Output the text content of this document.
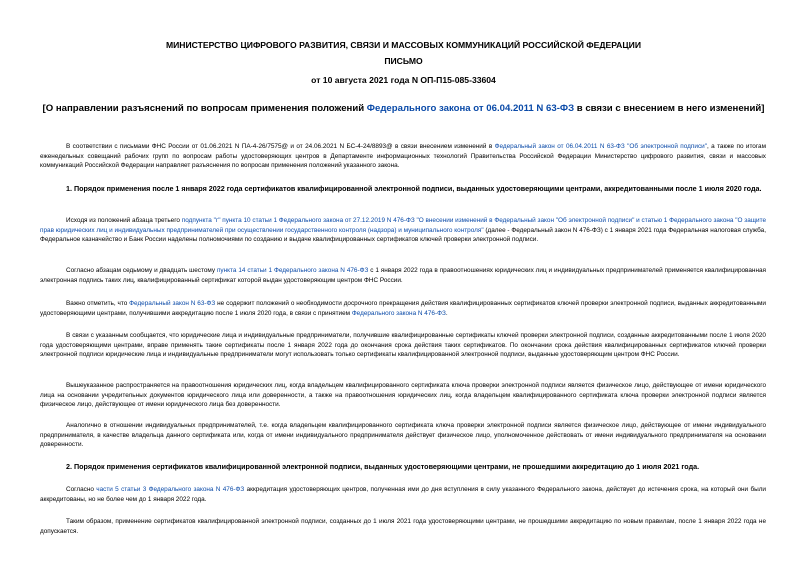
МИНИСТЕРСТВО ЦИФРОВОГО РАЗВИТИЯ, СВЯЗИ И МАССОВЫХ КОММУНИКАЦИЙ РОССИЙСКОЙ ФЕДЕРАЦИИ
ПИСЬМО
от 10 августа 2021 года N ОП-П15-085-33604
[О направлении разъяснений по вопросам применения положений Федерального закона от 06.04.2011 N 63-ФЗ в связи с внесением в него изменений]

В соответствии с письмами ФНС России от 01.06.2021 N ПА-4-26/7575@ и от 24.06.2021 N БС-4-24/8893@ в связи внесением изменений в Федеральный закон от 06.04.2011 N 63-ФЗ "Об электронной подписи", а также по итогам еженедельных совещаний рабочих групп по вопросам работы удостоверяющих центров в Департаменте информационных технологий Правительства Российской Федерации Министерство цифрового развития, связи и массовых коммуникаций Российской Федерации направляет разъяснения по вопросам применения положений указанного закона.

1. Порядок применения после 1 января 2022 года сертификатов квалифицированной электронной подписи, выданных удостоверяющими центрами, аккредитованными после 1 июля 2020 года.

Исходя из положений абзаца третьего подпункта "г" пункта 10 статьи 1 Федерального закона от 27.12.2019 N 476-ФЗ "О внесении изменений в Федеральный закон "Об электронной подписи" и статью 1 Федерального закона "О защите прав юридических лиц и индивидуальных предпринимателей при осуществлении государственного контроля (надзора) и муниципального контроля" (далее - Федеральный закон N 476-ФЗ) с 1 января 2021 года Федеральная налоговая служба, Федеральное казначейство и Банк России наделены полномочиями по созданию и выдаче квалифицированных сертификатов ключей проверки электронной подписи.

Согласно абзацам седьмому и двадцать шестому пункта 14 статьи 1 Федерального закона N 476-ФЗ с 1 января 2022 года в правоотношениях юридических лиц и индивидуальных предпринимателей применяется квалифицированная электронная подпись таких лиц, квалифицированный сертификат которой выдан удостоверяющим центром ФНС России.

Важно отметить, что Федеральный закон N 63-ФЗ не содержит положений о необходимости досрочного прекращения действия квалифицированных сертификатов ключей проверки электронной подписи, выданных аккредитованными удостоверяющими центрами, получившими аккредитацию после 1 июля 2020 года, в связи с принятием Федерального закона N 476-ФЗ.

В связи с указанным сообщается, что юридические лица и индивидуальные предприниматели, получившие квалифицированные сертификаты ключей проверки электронной подписи, созданные аккредитованными после 1 июля 2020 года удостоверяющими центрами, вправе применять такие сертификаты после 1 января 2022 года до окончания срока действия таких сертификатов. По окончании срока действия квалифицированных сертификатов ключей проверки электронной подписи юридические лица и индивидуальные предприниматели могут использовать только сертификаты квалифицированной электронной подписи, выданные удостоверяющим центром ФНС России.

Вышеуказанное распространяется на правоотношения юридических лиц, когда владельцем квалифицированного сертификата ключа проверки электронной подписи является физическое лицо, действующее от имени юридического лица на основании учредительных документов юридического лица или доверенности, а также на правоотношения юридических лиц, когда владельцем квалифицированного сертификата ключа проверки электронной подписи является физическое лицо, действующее от имени юридического лица без доверенности.

Аналогично в отношении индивидуальных предпринимателей, т.е. когда владельцем квалифицированного сертификата ключа проверки электронной подписи является физическое лицо, действующее от имени индивидуального предпринимателя, в качестве владельца данного сертификата или, когда от имени индивидуального предпринимателя действует физическое лицо, уполномоченное действовать от имени индивидуального предпринимателя на основании доверенности.

2. Порядок применения сертификатов квалифицированной электронной подписи, выданных удостоверяющими центрами, не прошедшими аккредитацию до 1 июля 2021 года.

Согласно части 5 статьи 3 Федерального закона N 476-ФЗ аккредитация удостоверяющих центров, полученная ими до дня вступления в силу указанного Федерального закона, действует до истечения срока, на который они были аккредитованы, но не более чем до 1 января 2022 года.

Таким образом, применение сертификатов квалифицированной электронной подписи, созданных до 1 июля 2021 года удостоверяющими центрами, не прошедшими аккредитацию по новым правилам, после 1 января 2022 года не допускается.
